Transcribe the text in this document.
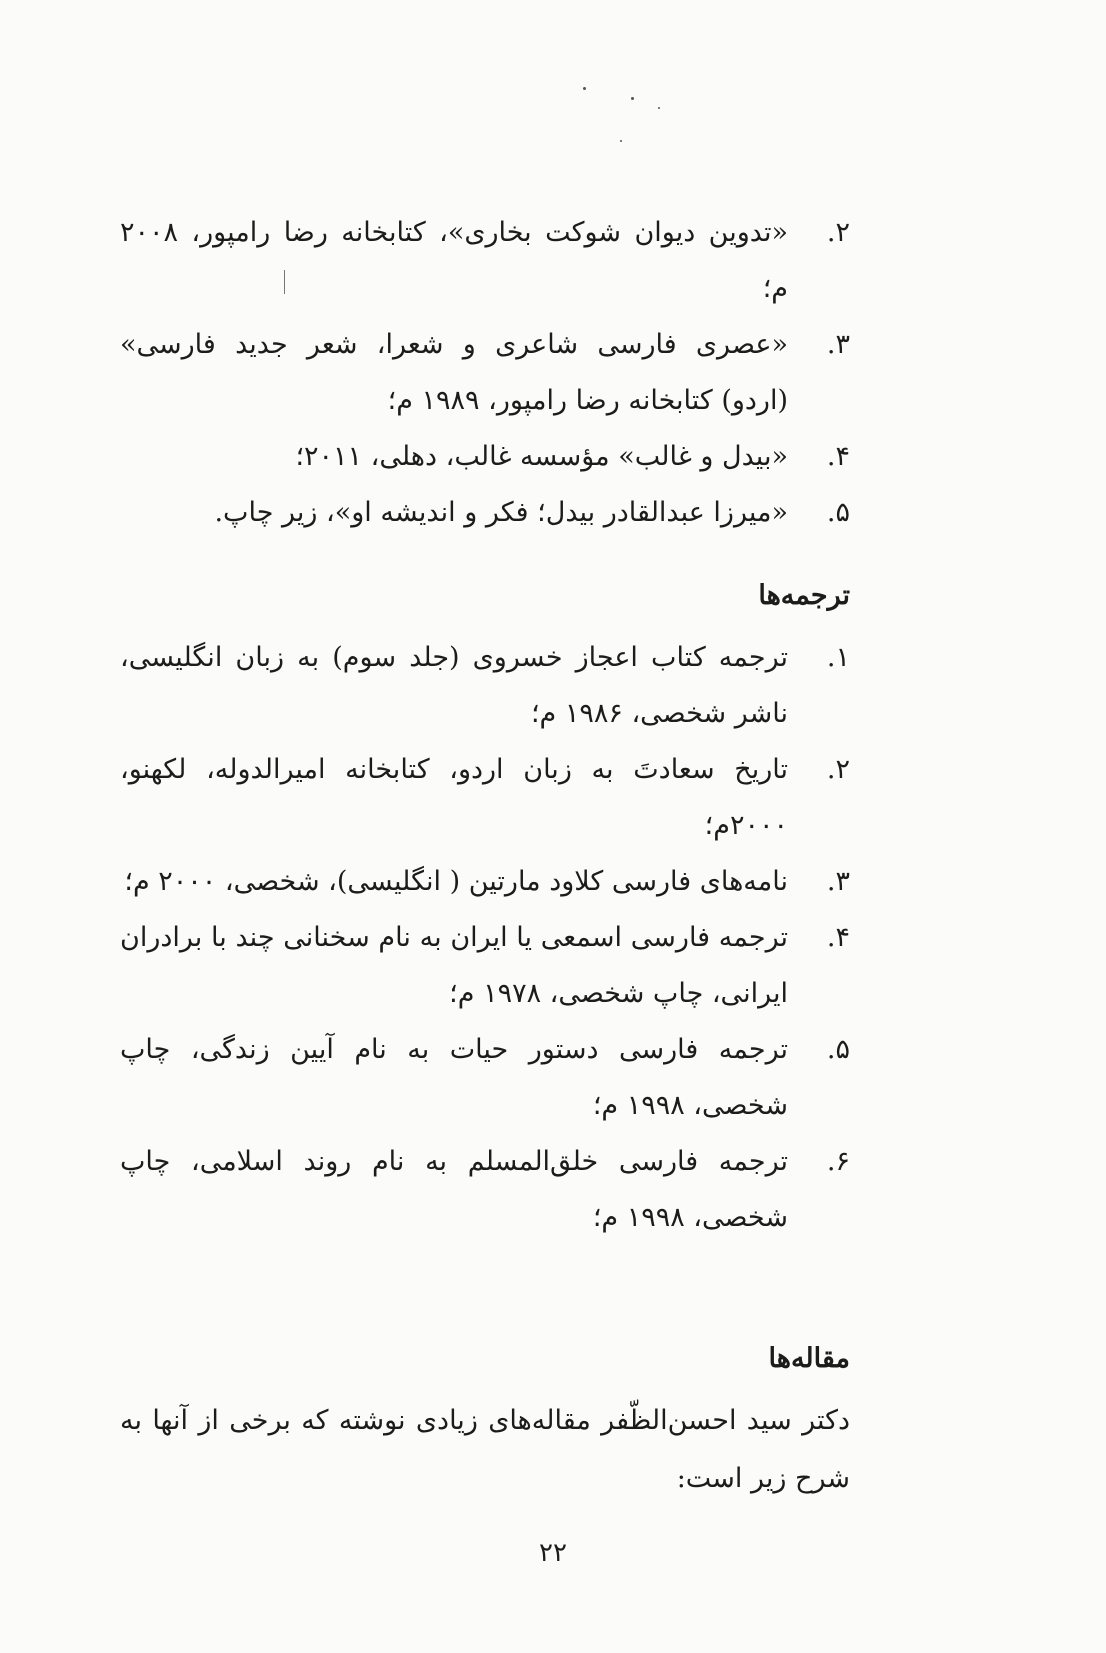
۲.
«تدوین دیوان شوکت بخاری»، کتابخانه رضا رامپور، ۲۰۰۸ م؛
۳.
«عصری فارسی شاعری و شعرا، شعر جدید فارسی» (اردو) کتابخانه رضا رامپور، ۱۹۸۹ م؛
۴.
«بیدل و غالب» مؤسسه غالب، دهلی، ۲۰۱۱؛
۵.
«میرزا عبدالقادر بیدل؛ فکر و اندیشه او»، زیر چاپ.
ترجمه‌ها
۱.
ترجمه کتاب اعجاز خسروی (جلد سوم) به زبان انگلیسی، ناشر شخصی، ۱۹۸۶ م؛
۲.
تاریخ سعادتَ به زبان اردو، کتابخانه امیرالدوله، لکهنو، ۲۰۰۰م؛
۳.
نامه‌های فارسی کلاود مارتین ( انگلیسی)، شخصی، ۲۰۰۰ م؛
۴.
ترجمه فارسی اسمعی یا ایران به نام سخنانی چند با برادران ایرانی، چاپ شخصی، ۱۹۷۸ م؛
۵.
ترجمه فارسی دستور حیات به نام آیین زندگی، چاپ شخصی، ۱۹۹۸ م؛
۶.
ترجمه فارسی خلق‌المسلم به نام روند اسلامی، چاپ شخصی، ۱۹۹۸ م؛
مقاله‌ها

دکتر سید احسن‌الظّفر مقاله‌های زیادی نوشته که برخی از آنها به شرح زیر است:

۲۲
